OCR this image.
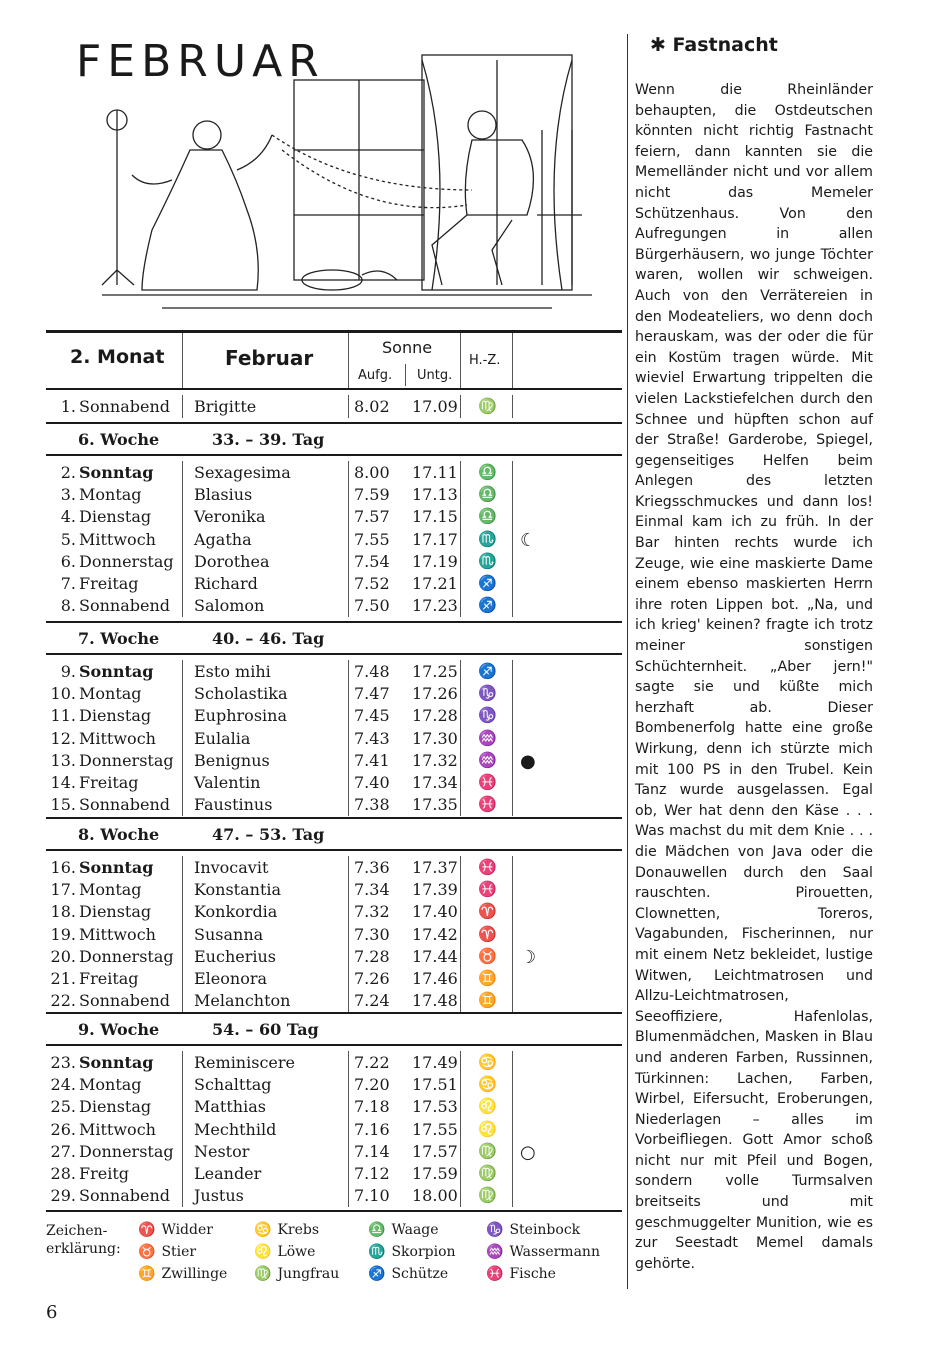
FEBRUAR
2. Monat	Februar	Sonne
Aufg. Untg.
H.-Z.
1. Sonnabend Brigitte	8.02 17.09 ♍
6. Woche	33. – 39. Tag
2. Sonntag	Sexagesima	8.00 17.11 ♎
3. Montag	Blasius	7.59 17.13 ♎
4. Dienstag	Veronika	7.57 17.15 ♎
5. Mittwoch Agatha	7.55 17.17 ♏ ☾
6. Donnerstag Dorothea	7.54 17.19 ♏
7. Freitag	Richard	7.52 17.21 ♐
8. Sonnabend Salomon	7.50 17.23 ♐
7. Woche	40. – 46. Tag
9. Sonntag	Esto mihi	7.48 17.25 ♐
10. Montag	Scholastika	7.47 17.26 ♑
11. Dienstag	Euphrosina	7.45 17.28 ♑
12. Mittwoch Eulalia	7.43 17.30 ♒
13. Donnerstag Benignus	7.41 17.32 ♒ ●
14. Freitag	Valentin	7.40 17.34 ♓
15. Sonnabend Faustinus	7.38 17.35 ♓
8. Woche	47. – 53. Tag
16. Sonntag	Invocavit	7.36 17.37 ♓
17. Montag	Konstantia	7.34 17.39 ♓
18. Dienstag	Konkordia	7.32 17.40 ♈
19. Mittwoch Susanna	7.30 17.42 ♈
20. Donnerstag Eucherius	7.28 17.44 ♉ ☽
21. Freitag	Eleonora	7.26 17.46 ♊
22. Sonnabend Melanchton	7.24 17.48 ♊
9. Woche	54. – 60 Tag
23. Sonntag	Reminiscere	7.22 17.49 ♋
24. Montag	Schalttag	7.20 17.51 ♋
25. Dienstag	Matthias	7.18 17.53 ♌
26. Mittwoch Mechthild	7.16 17.55 ♌
27. Donnerstag Nestor	7.14 17.57 ♍ ○
28. Freitg	Leander	7.12 17.59 ♍
29. Sonnabend Justus	7.10 18.00 ♍
Zeichen-
erklärung:
♈ Widder	♋ Krebs	♎ Waage	♑ Steinbock
♉ Stier	♌ Löwe	♏ Skorpion ♒ Wassermann
♊ Zwillinge ♍ Jungfrau ♐ Schütze	♓ Fische
✱ Fastnacht
Wenn die Rheinländer behaupten, die Ostdeutschen könnten nicht richtig Fastnacht feiern, dann kannten sie die Memelländer nicht und vor allem nicht das Memeler Schützenhaus. Von den Aufregungen in allen Bürgerhäusern, wo junge Töchter waren, wollen wir schweigen. Auch von den Verrätereien in den Modeateliers, wo denn doch herauskam, was der oder die für ein Kostüm tragen würde. Mit wieviel Erwartung trippelten die vielen Lackstiefelchen durch den Schnee und hüpften schon auf der Straße! Garderobe, Spiegel, gegenseitiges Helfen beim Anlegen des letzten Kriegsschmuckes und dann los! Einmal kam ich zu früh. In der Bar hinten rechts wurde ich Zeuge, wie eine maskierte Dame einem ebenso maskierten Herrn ihre roten Lippen bot. „Na, und ich krieg' keinen? fragte ich trotz meiner sonstigen Schüchternheit. „Aber jern!" sagte sie und küßte mich herzhaft ab. Dieser Bombenerfolg hatte eine große Wirkung, denn ich stürzte mich mit 100 PS in den Trubel. Kein Tanz wurde ausgelassen. Egal ob, Wer hat denn den Käse . . . Was machst du mit dem Knie . . . die Mädchen von Java oder die Donauwellen durch den Saal rauschten. Pirouetten, Clownetten, Toreros, Vagabunden, Fischerinnen, nur mit einem Netz bekleidet, lustige Witwen, Leichtmatrosen und Allzu-Leichtmatrosen, Seeoffiziere, Hafenlolas, Blumenmädchen, Masken in Blau und anderen Farben, Russinnen, Türkinnen: Lachen, Farben, Wirbel, Eifersucht, Eroberungen, Niederlagen – alles im Vorbeifliegen. Gott Amor schoß nicht nur mit Pfeil und Bogen, sondern volle Turmsalven breitseits und mit geschmuggelter Munition, wie es zur Seestadt Memel damals gehörte.
6
